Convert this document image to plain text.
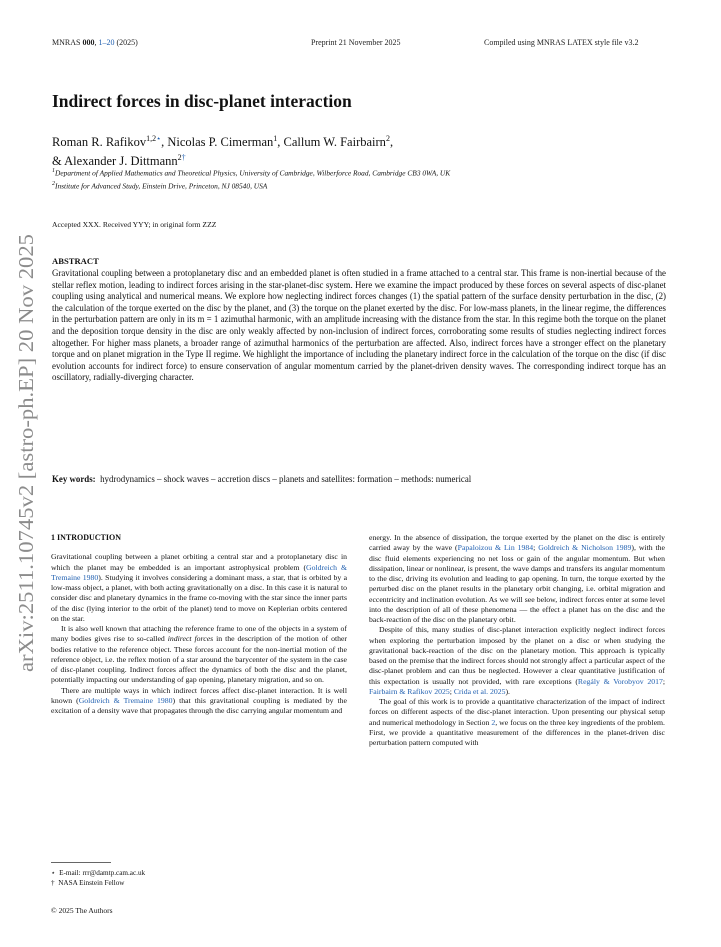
MNRAS 000, 1–20 (2025)	Preprint 21 November 2025	Compiled using MNRAS LATEX style file v3.2
arXiv:2511.10745v2 [astro-ph.EP] 20 Nov 2025
Indirect forces in disc-planet interaction
Roman R. Rafikov$^{1,2⋆}$, Nicolas P. Cimerman$^1$, Callum W. Fairbairn$^2$,
& Alexander J. Dittmann$^{2\dagger}$
$^1$Department of Applied Mathematics and Theoretical Physics, University of Cambridge, Wilberforce Road, Cambridge CB3 0WA, UK
$^2$Institute for Advanced Study, Einstein Drive, Princeton, NJ 08540, USA
Accepted XXX. Received YYY; in original form ZZZ
ABSTRACT
Gravitational coupling between a protoplanetary disc and an embedded planet is often studied in a frame attached to a central star. This frame is non-inertial because of the stellar reflex motion, leading to indirect forces arising in the star-planet-disc system. Here we examine the impact produced by these forces on several aspects of disc-planet coupling using analytical and numerical means. We explore how neglecting indirect forces changes (1) the spatial pattern of the surface density perturbation in the disc, (2) the calculation of the torque exerted on the disc by the planet, and (3) the torque on the planet exerted by the disc. For low-mass planets, in the linear regime, the differences in the perturbation pattern are only in its m = 1 azimuthal harmonic, with an amplitude increasing with the distance from the star. In this regime both the torque on the planet and the deposition torque density in the disc are only weakly affected by non-inclusion of indirect forces, corroborating some results of studies neglecting indirect forces altogether. For higher mass planets, a broader range of azimuthal harmonics of the perturbation are affected. Also, indirect forces have a stronger effect on the planetary torque and on planet migration in the Type II regime. We highlight the importance of including the planetary indirect force in the calculation of the torque on the disc (if disc evolution accounts for indirect force) to ensure conservation of angular momentum carried by the planet-driven density waves. The corresponding indirect torque has an oscillatory, radially-diverging character.
Key words: hydrodynamics – shock waves – accretion discs – planets and satellites: formation – methods: numerical
1 INTRODUCTION

Gravitational coupling between a planet orbiting a central star and a protoplanetary disc in which the planet may be embedded is an important astrophysical problem (Goldreich & Tremaine 1980). Studying it involves considering a dominant mass, a star, that is orbited by a low-mass object, a planet, with both acting gravitationally on a disc. In this case it is natural to consider disc and planetary dynamics in the frame co-moving with the star since the inner parts of the disc (lying interior to the orbit of the planet) tend to move on Keplerian orbits centered on the star.

It is also well known that attaching the reference frame to one of the objects in a system of many bodies gives rise to so-called indirect forces in the description of the motion of other bodies relative to the reference object. These forces account for the non-inertial motion of the reference object, i.e. the reflex motion of a star around the barycenter of the system in the case of disc-planet coupling. Indirect forces affect the dynamics of both the disc and the planet, potentially impacting our understanding of gap opening, planetary migration, and so on.

There are multiple ways in which indirect forces affect disc-planet interaction. It is well known (Goldreich & Tremaine 1980) that this gravitational coupling is mediated by the excitation of a density wave that propagates through the disc carrying angular momentum and

energy. In the absence of dissipation, the torque exerted by the planet on the disc is entirely carried away by the wave (Papaloizou & Lin 1984; Goldreich & Nicholson 1989), with the disc fluid elements experiencing no net loss or gain of the angular momentum. But when dissipation, linear or nonlinear, is present, the wave damps and transfers its angular momentum to the disc, driving its evolution and leading to gap opening. In turn, the torque exerted by the perturbed disc on the planet results in the planetary orbit changing, i.e. orbital migration and eccentricity and inclination evolution. As we will see below, indirect forces enter at some level into the description of all of these phenomena — the effect a planet has on the disc and the back-reaction of the disc on the planetary orbit.

Despite of this, many studies of disc-planet interaction explicitly neglect indirect forces when exploring the perturbation imposed by the planet on a disc or when studying the gravitational back-reaction of the disc on the planetary motion. This approach is typically based on the premise that the indirect forces should not strongly affect a particular aspect of the disc-planet problem and can thus be neglected. However a clear quantitative justification of this expectation is usually not provided, with rare exceptions (Regály & Vorobyov 2017; Fairbairn & Rafikov 2025; Crida et al. 2025).

The goal of this work is to provide a quantitative characterization of the impact of indirect forces on different aspects of the disc-planet interaction. Upon presenting our physical setup and numerical methodology in Section 2, we focus on the three key ingredients of the problem. First, we provide a quantitative measurement of the differences in the planet-driven disc perturbation pattern computed with

⋆ E-mail: rrr@damtp.cam.ac.uk
† NASA Einstein Fellow
© 2025 The Authors
